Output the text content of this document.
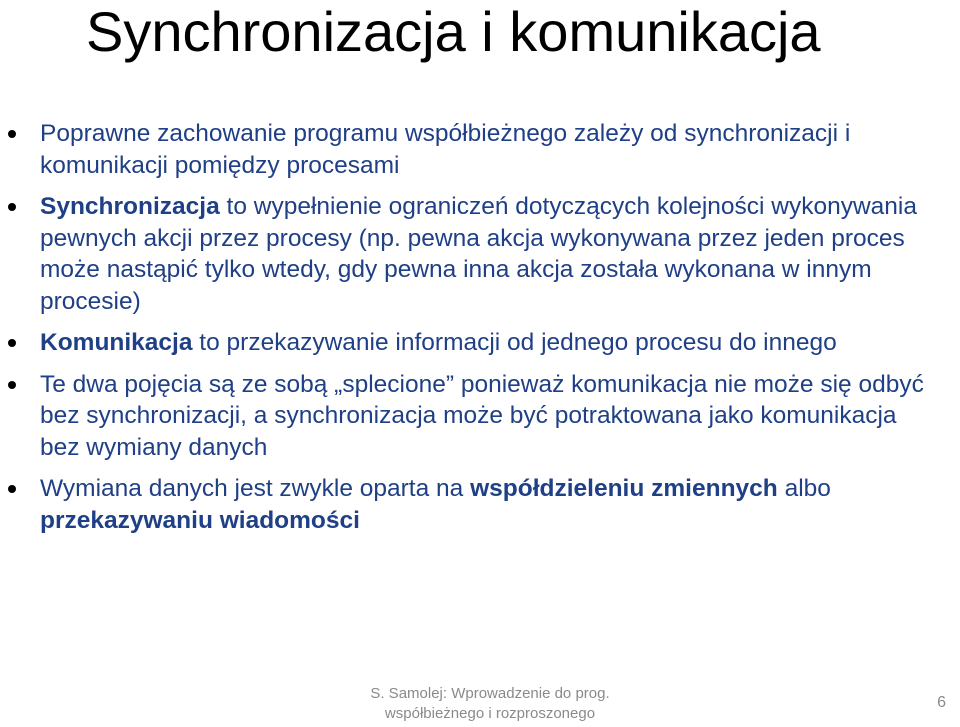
Synchronizacja i komunikacja
Poprawne zachowanie programu współbieżnego zależy od synchronizacji i komunikacji pomiędzy procesami
Synchronizacja to wypełnienie ograniczeń dotyczących kolejności wykonywania pewnych akcji przez procesy (np. pewna akcja wykonywana przez jeden proces może nastąpić tylko wtedy, gdy pewna inna akcja została wykonana w innym procesie)
Komunikacja to przekazywanie informacji od jednego procesu do innego
Te dwa pojęcia są ze sobą „splecione” ponieważ komunikacja nie może się odbyć bez synchronizacji, a synchronizacja może być potraktowana jako komunikacja bez wymiany danych
Wymiana danych jest zwykle oparta na współdzieleniu zmiennych albo przekazywaniu wiadomości
S. Samolej: Wprowadzenie do prog.
współbieżnego i rozproszonego
6
